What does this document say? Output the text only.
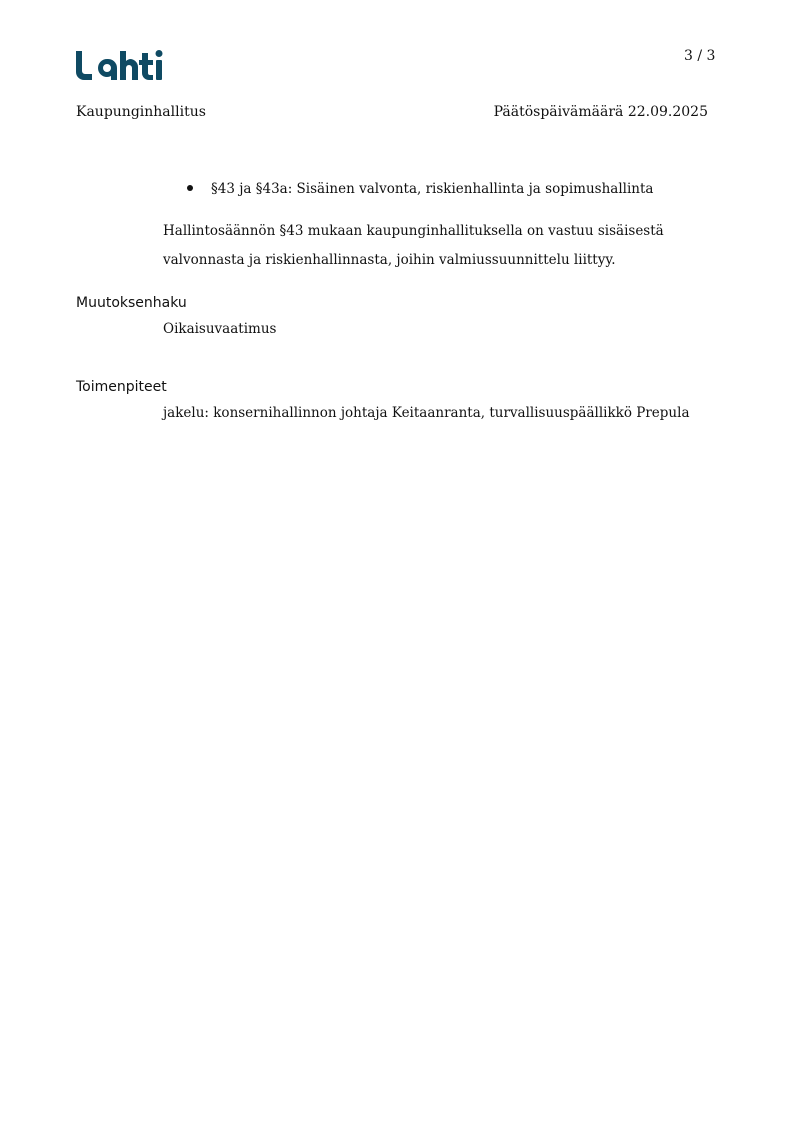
3 / 3
Kaupunginhallitus	Päätöspäivämäärä 22.09.2025
§43 ja §43a: Sisäinen valvonta, riskienhallinta ja sopimushallinta
Hallintosäännön §43 mukaan kaupunginhallituksella on vastuu sisäisestä
valvonnasta ja riskienhallinnasta, joihin valmiussuunnittelu liittyy.
Muutoksenhaku
Oikaisuvaatimus
Toimenpiteet
jakelu: konsernihallinnon johtaja Keitaanranta, turvallisuuspäällikkö Prepula
